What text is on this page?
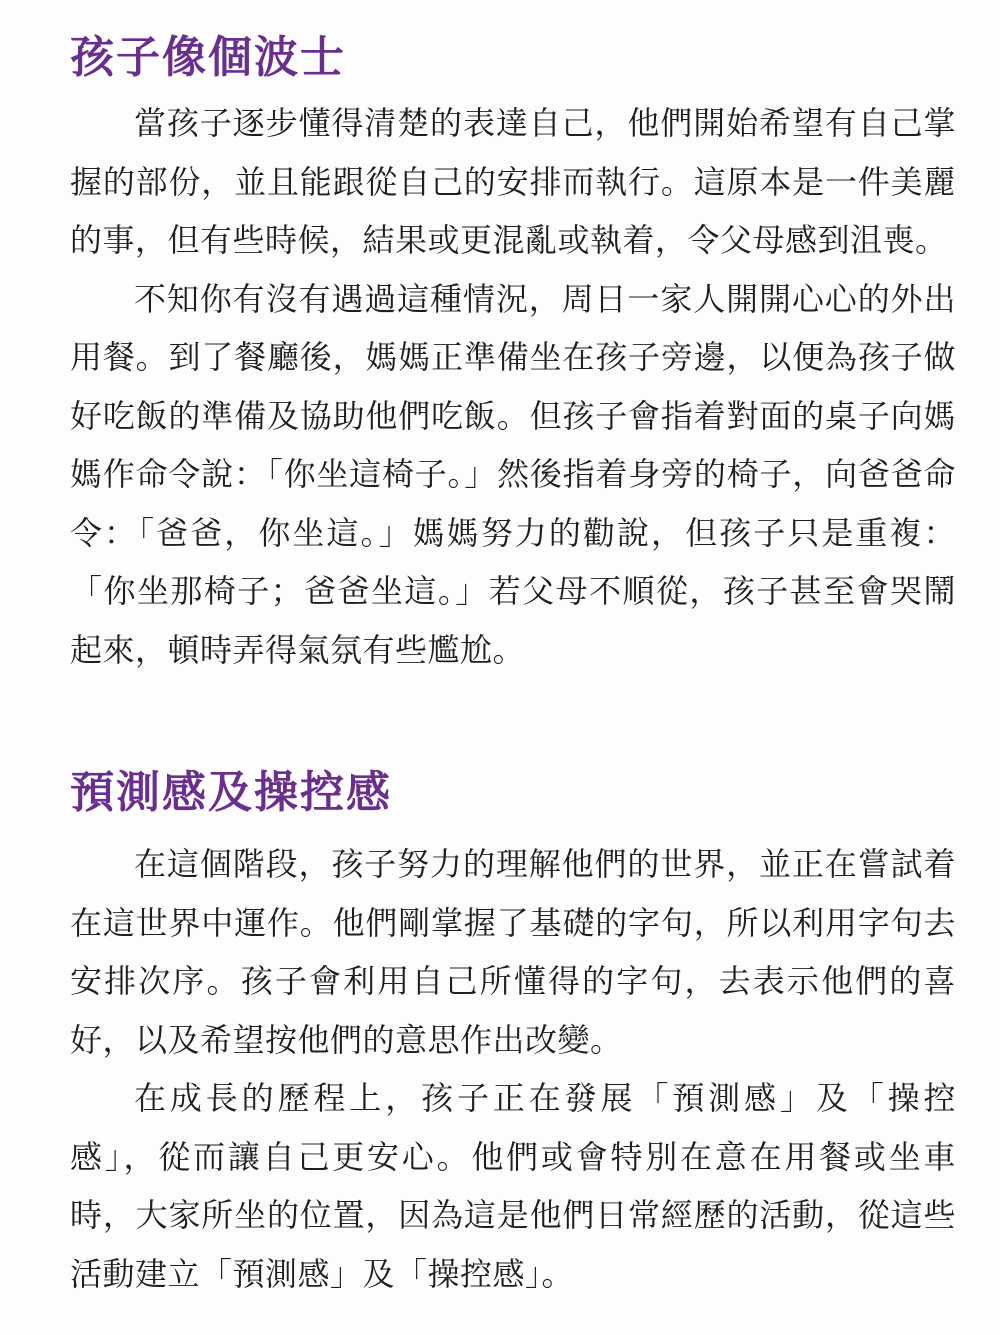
孩子像個波士

當孩子逐步懂得清楚的表達自己，他們開始希望有自己掌握的部份，並且能跟從自己的安排而執行。這原本是一件美麗的事，但有些時候，結果或更混亂或執着，令父母感到沮喪。

不知你有沒有遇過這種情況，周日一家人開開心心的外出用餐。到了餐廳後，媽媽正準備坐在孩子旁邊，以便為孩子做好吃飯的準備及協助他們吃飯。但孩子會指着對面的桌子向媽媽作命令說：「你坐這椅子。」然後指着身旁的椅子，向爸爸命令：「爸爸，你坐這。」媽媽努力的勸說，但孩子只是重複：「你坐那椅子；爸爸坐這。」若父母不順從，孩子甚至會哭鬧起來，頓時弄得氣氛有些尷尬。

預測感及操控感

在這個階段，孩子努力的理解他們的世界，並正在嘗試着在這世界中運作。他們剛掌握了基礎的字句，所以利用字句去安排次序。孩子會利用自己所懂得的字句，去表示他們的喜好，以及希望按他們的意思作出改變。

在成長的歷程上，孩子正在發展「預測感」及「操控感」，從而讓自己更安心。他們或會特別在意在用餐或坐車時，大家所坐的位置，因為這是他們日常經歷的活動，從這些活動建立「預測感」及「操控感」。
